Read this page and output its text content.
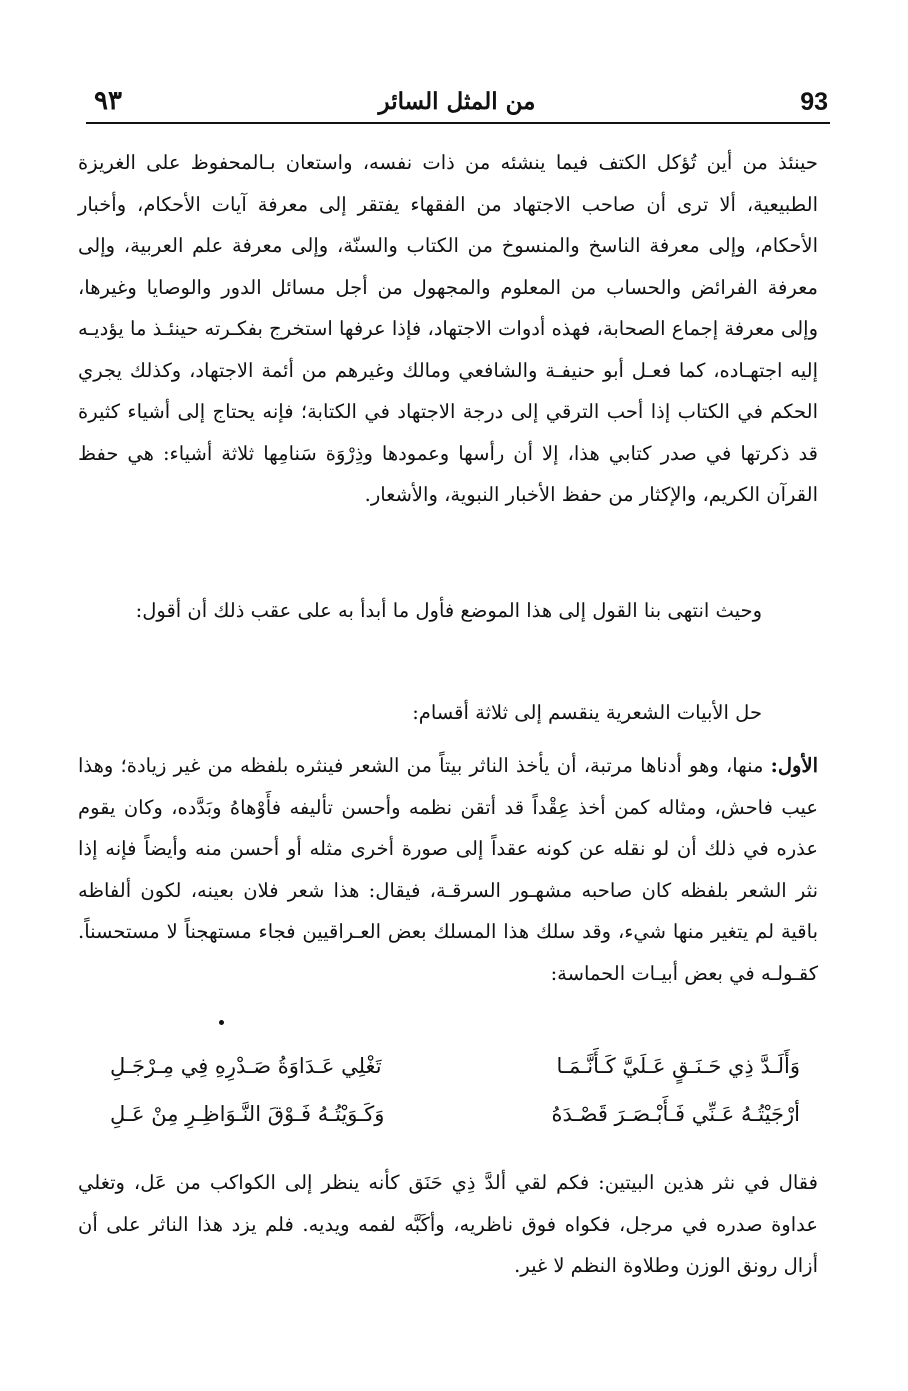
93
من المثل السائر
٩٣
حينئذ من أين تُؤكل الكتف فيما ينشئه من ذات نفسه، واستعان بـالمحفوظ على الغريزة الطبيعية، ألا ترى أن صاحب الاجتهاد من الفقهاء يفتقر إلى معرفة آيات الأحكام، وأخبار الأحكام، وإلى معرفة الناسخ والمنسوخ من الكتاب والسنّة، وإلى معرفة علم العربية، وإلى معرفة الفرائض والحساب من المعلوم والمجهول من أجل مسائل الدور والوصايا وغيرها، وإلى معرفة إجماع الصحابة، فهذه أدوات الاجتهاد، فإذا عرفها استخرج بفكـرته حينئـذ ما يؤديـه إليه اجتهـاده، كما فعـل أبو حنيفـة والشافعي ومالك وغيرهم من أئمة الاجتهاد، وكذلك يجري الحكم في الكتاب إذا أحب الترقي إلى درجة الاجتهاد في الكتابة؛ فإنه يحتاج إلى أشياء كثيرة قد ذكرتها في صدر كتابي هذا، إلا أن رأسها وعمودها وذِرْوَة سَنامِها ثلاثة أشياء: هي حفظ القرآن الكريم، والإكثار من حفظ الأخبار النبوية، والأشعار.
وحيث انتهى بنا القول إلى هذا الموضع فأول ما أبدأ به على عقب ذلك أن أقول:
حل الأبيات الشعرية ينقسم إلى ثلاثة أقسام:
الأول: منها، وهو أدناها مرتبة، أن يأخذ الناثر بيتاً من الشعر فينثره بلفظه من غير زيادة؛ وهذا عيب فاحش، ومثاله كمن أخذ عِقْداً قد أتقن نظمه وأحسن تأليفه فأَوْهاهُ وبَدَّده، وكان يقوم عذره في ذلك أن لو نقله عن كونه عقداً إلى صورة أخرى مثله أو أحسن منه وأيضاً فإنه إذا نثر الشعر بلفظه كان صاحبه مشهـور السرقـة، فيقال: هذا شعر فلان بعينه، لكون ألفاظه باقية لم يتغير منها شيء، وقد سلك هذا المسلك بعض العـراقيين فجاء مستهجناً لا مستحسناً. كقـولـه في بعض أبيـات الحماسة:
وَأَلَـدَّ ذِي حَـنَـقٍ عَـلَيَّ كَـأَنَّـمَـا
تَغْلِي عَـدَاوَةُ صَـدْرِهِ فِي مِـرْجَـلِ
أرْجَيْتُـهُ عَـنِّي فَـأَبْـصَـرَ قَصْـدَهُ
وَكَـوَيْتُـهُ فَـوْقَ النَّـوَاظِـرِ مِنْ عَـلِ
فقال في نثر هذين البيتين: فكم لقي ألدَّ ذِي حَنَق كأنه ينظر إلى الكواكب من عَل، وتغلي عداوة صدره في مرجل، فكواه فوق ناظريه، وأكَبَّه لفمه ويديه. فلم يزد هذا الناثر على أن أزال رونق الوزن وطلاوة النظم لا غير.
